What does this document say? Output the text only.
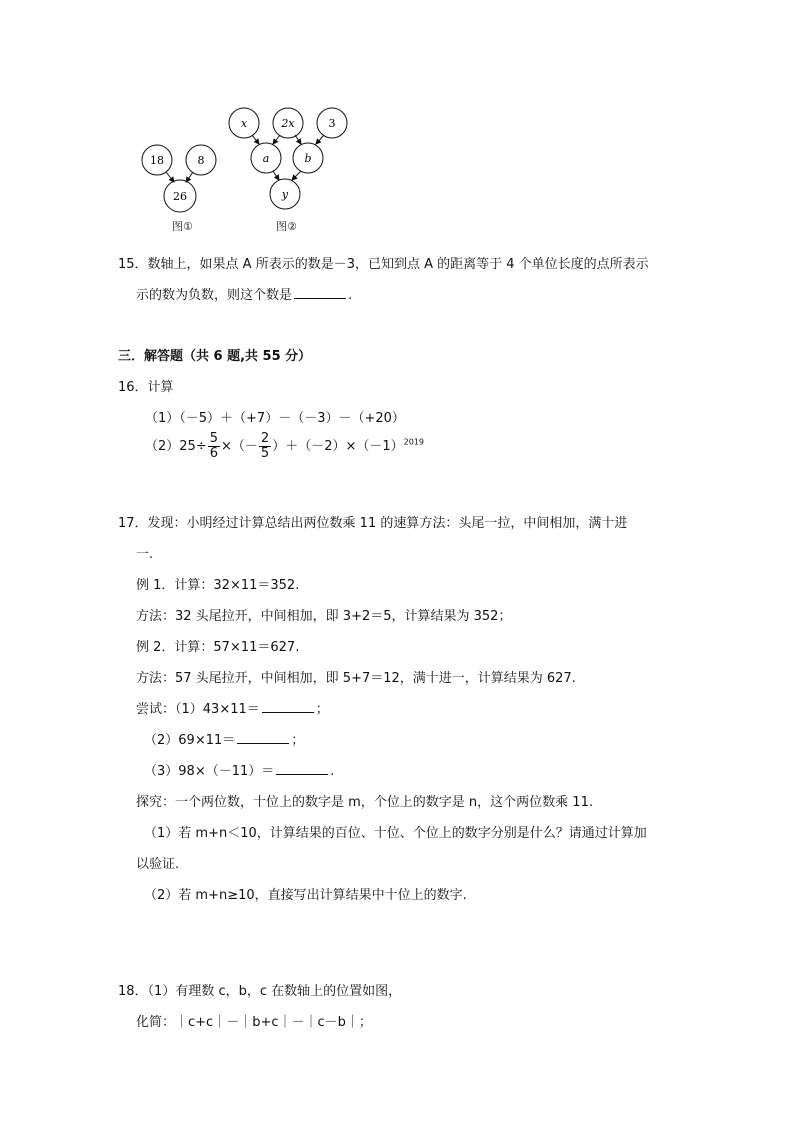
18	8
26
图①
x	2x	3
a	b
y
图②
15．数轴上，如果点 A 所表示的数是－3，已知到点 A 的距离等于 4 个单位长度的点所表示
示的数为负数，则这个数是	.
三．解答题（共 6 题,共 55 分）
16．计算
（1）（－5）＋（+7）－（－3）－（+20）
$(2)25\div \frac{5}{6}$ ×（－ $\frac{2}{5} )+(-2)\times(-1)^{2019}$
17．发现：小明经过计算总结出两位数乘 11 的速算方法：头尾一拉，中间相加，满十进
一.
例 1．计算：32×11＝352.
方法：32 头尾拉开，中间相加，即 3+2＝5，计算结果为 352；
例 2．计算：57×11＝627.
方法：57 头尾拉开，中间相加，即 5+7＝12，满十进一，计算结果为 627.
尝试：（1）43×11＝	；
（2）69×11＝	；
（3）98×（－11）＝	.
探究：一个两位数，十位上的数字是 m，个位上的数字是 n，这个两位数乘 11.
（1）若 m+n＜10，计算结果的百位、十位、个位上的数字分别是什么？请通过计算加
以验证.
（2）若 m+n≥10，直接写出计算结果中十位上的数字.
18．（1）有理数 c，b，c 在数轴上的位置如图，
化简：｜c+c｜－｜b+c｜－｜c－b｜；
